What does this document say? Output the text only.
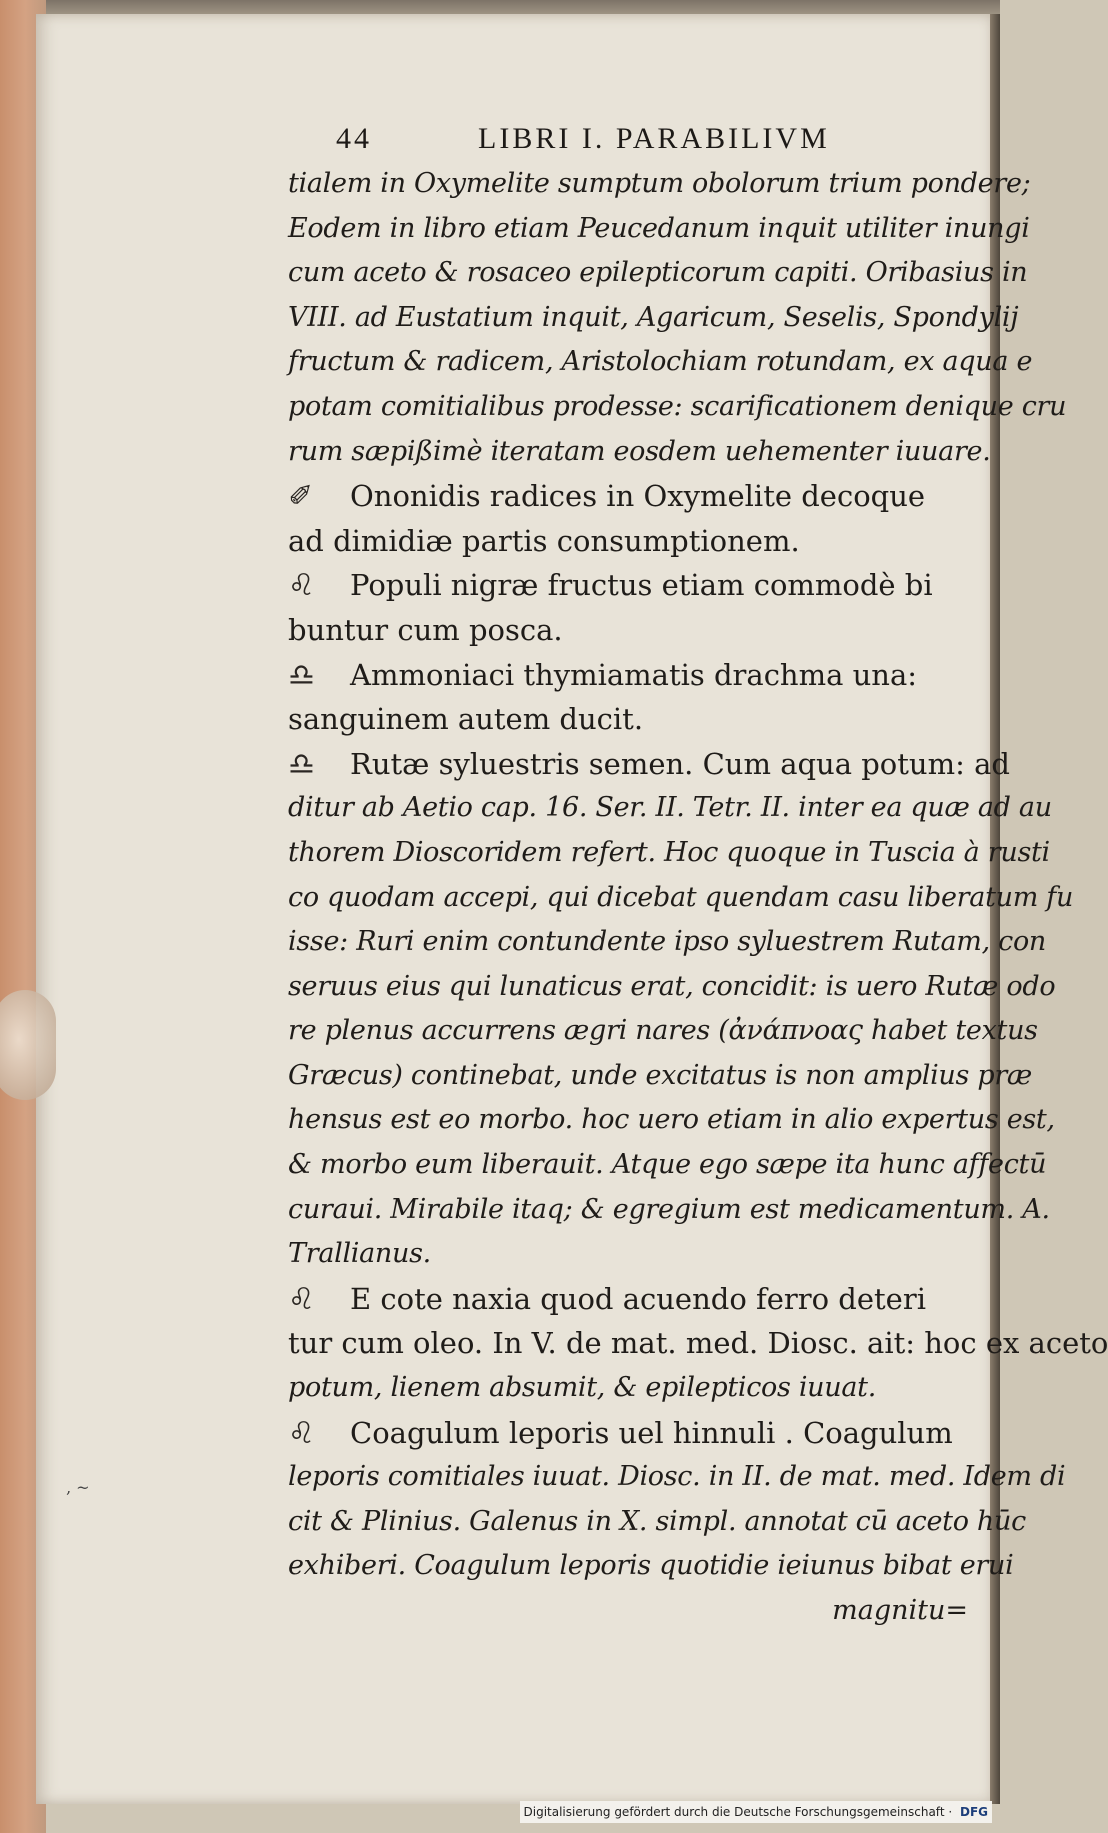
44	LIBRI I. PARABILIVM
tialem in Oxymelite sumptum obolorum trium pondere;
Eodem in libro etiam Peucedanum inquit utiliter inungi
cum aceto & rosaceo epilepticorum capiti. Oribasius in
VIII. ad Eustatium inquit, Agaricum, Seselis, Spondylij
fructum & radicem, Aristolochiam rotundam, ex aqua e
potam comitialibus prodesse: scarificationem denique cru
rum sæpißimè iteratam eosdem uehementer iuuare.
✐ Ononidis radices in Oxymelite decoque
ad dimidiæ partis consumptionem.
♌ Populi nigræ fructus etiam commodè bi
buntur cum posca.
♎ Ammoniaci thymiamatis drachma una:
sanguinem autem ducit.
♎ Rutæ syluestris semen. Cum aqua potum: ad
ditur ab Aetio cap. 16. Ser. II. Tetr. II. inter ea quæ ad au
thorem Dioscoridem refert. Hoc quoque in Tuscia à rusti
co quodam accepi, qui dicebat quendam casu liberatum fu
isse: Ruri enim contundente ipso syluestrem Rutam, con
seruus eius qui lunaticus erat, concidit: is uero Rutæ odo
re plenus accurrens ægri nares (ἀνάπνοας habet textus
Græcus) continebat, unde excitatus is non amplius præ
hensus est eo morbo. hoc uero etiam in alio expertus est,
& morbo eum liberauit. Atque ego sæpe ita hunc affectū
curaui. Mirabile itaq; & egregium est medicamentum. A.
Trallianus.
♌ E cote naxia quod acuendo ferro deteri
tur cum oleo. In V. de mat. med. Diosc. ait: hoc ex aceto
potum, lienem absumit, & epilepticos iuuat.
♌ Coagulum leporis uel hinnuli . Coagulum
leporis comitiales iuuat. Diosc. in II. de mat. med. Idem di
cit & Plinius. Galenus in X. simpl. annotat cū aceto hūc
exhiberi. Coagulum leporis quotidie ieiunus bibat erui
magnitu=
‚ ~
Digitalisierung gefördert durch die Deutsche Forschungsgemeinschaft · DFG
